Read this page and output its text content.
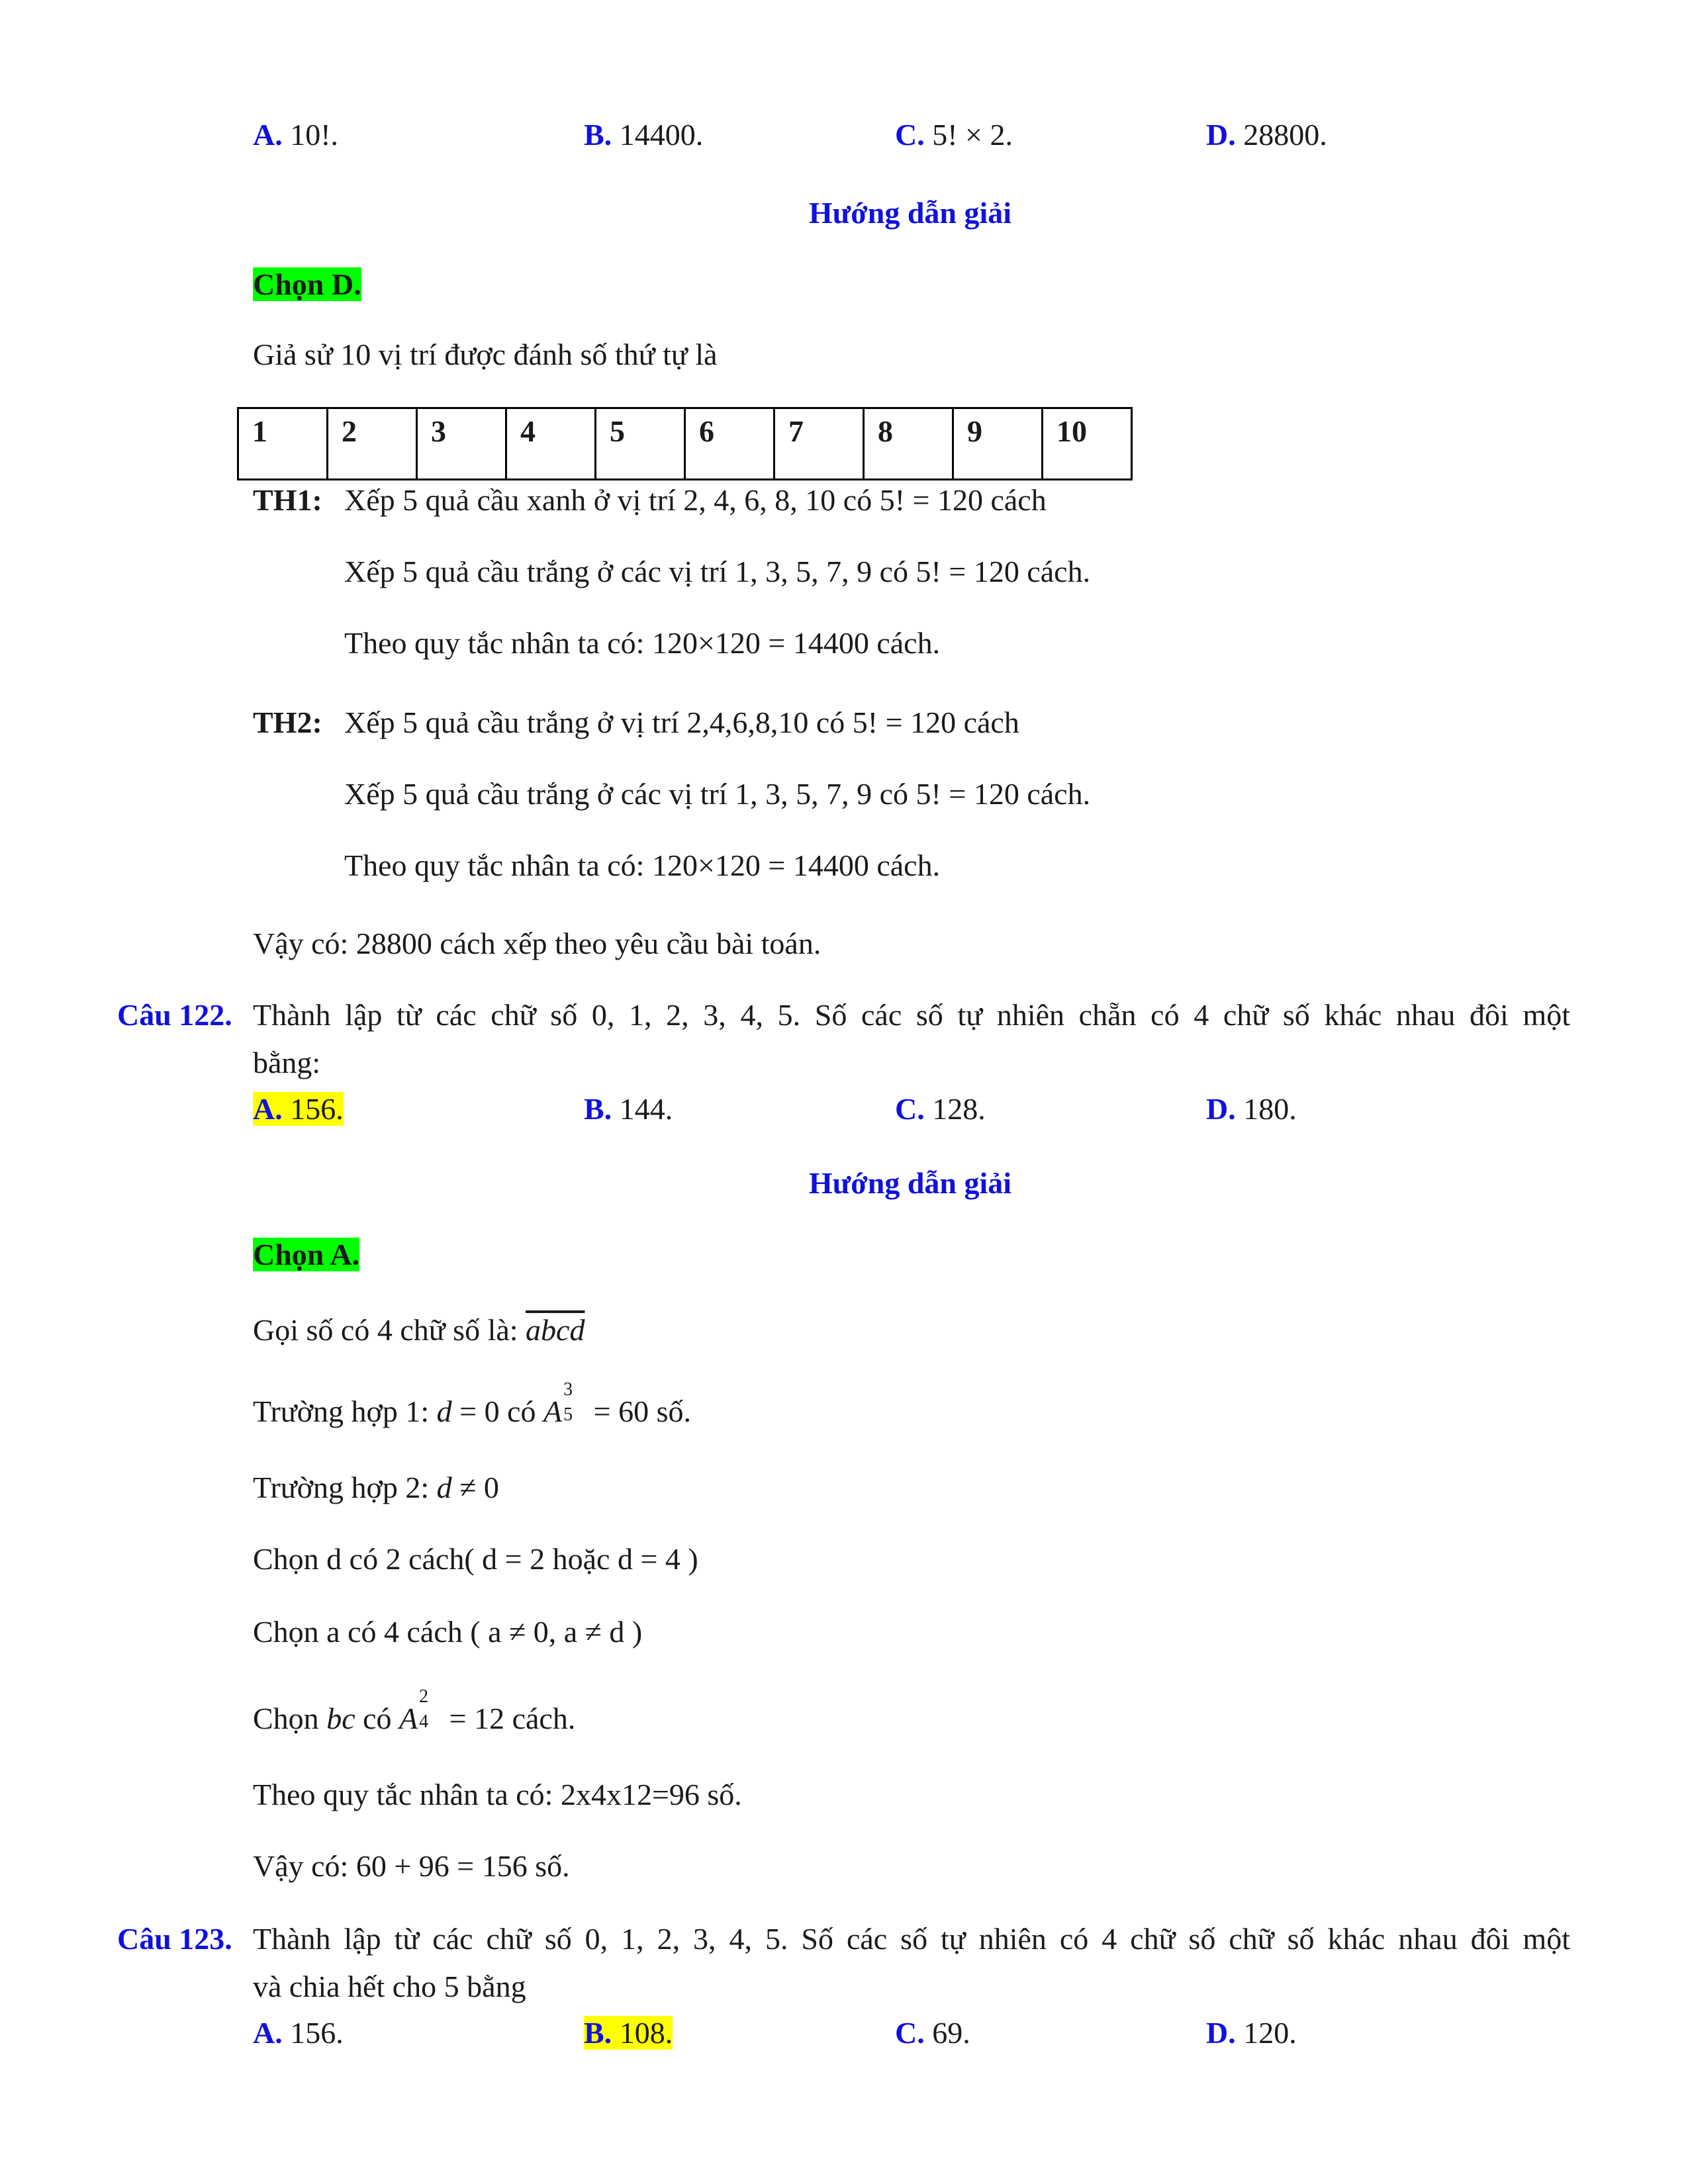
A. 10!.	B. 14400.	C. 5! × 2.	D. 28800.
Hướng dẫn giải
Chọn D.
Giả sử 10 vị trí được đánh số thứ tự là
1	2	3	4	5	6	7	8	9	10
TH1: Xếp 5 quả cầu xanh ở vị trí 2, 4, 6, 8, 10 có 5! = 120 cách
Xếp 5 quả cầu trắng ở các vị trí 1, 3, 5, 7, 9 có 5! = 120 cách.
Theo quy tắc nhân ta có: 120×120 = 14400 cách.
TH2: Xếp 5 quả cầu trắng ở vị trí 2,4,6,8,10 có 5! = 120 cách
Xếp 5 quả cầu trắng ở các vị trí 1, 3, 5, 7, 9 có 5! = 120 cách.
Theo quy tắc nhân ta có: 120×120 = 14400 cách.
Vậy có: 28800 cách xếp theo yêu cầu bài toán.
Câu 122. Thành lập từ các chữ số 0, 1, 2, 3, 4, 5. Số các số tự nhiên chẵn có 4 chữ số khác nhau đôi một
bằng:
A. 156.	B. 144.	C. 128.	D. 180.
Hướng dẫn giải
Chọn A.
Gọi số có 4 chữ số là: abcd
Trường hợp 1: d = 0 có A
3
5 = 60 số.
Trường hợp 2: d ≠ 0
Chọn d có 2 cách( d = 2 hoặc d = 4 )
Chọn a có 4 cách ( a ≠ 0, a ≠ d )
Chọn bc có A
2
4 = 12 cách.
Theo quy tắc nhân ta có: 2x4x12=96 số.
Vậy có: 60 + 96 = 156 số.
Câu 123. Thành lập từ các chữ số 0, 1, 2, 3, 4, 5. Số các số tự nhiên có 4 chữ số chữ số khác nhau đôi một
và chia hết cho 5 bằng
A. 156.	B. 108.	C. 69.	D. 120.
